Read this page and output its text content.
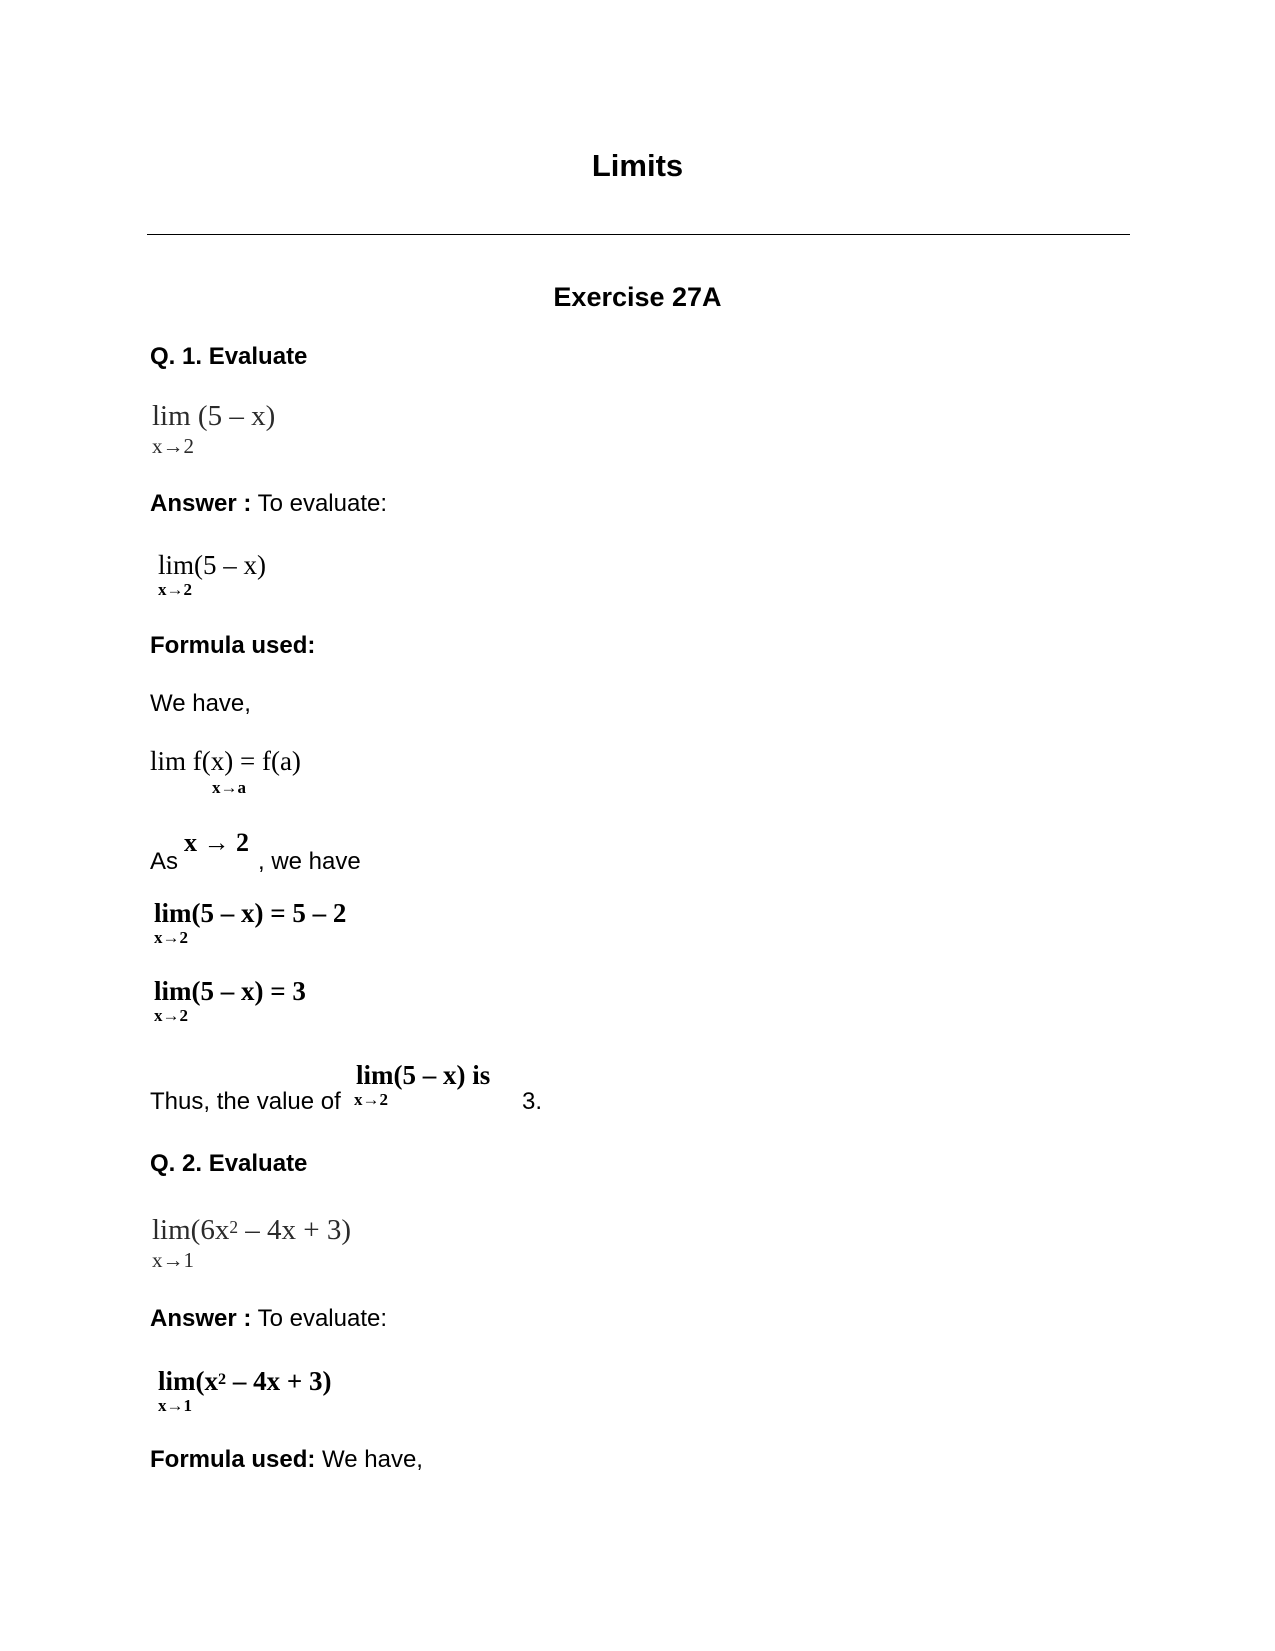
Limits
Exercise 27A
Q. 1. Evaluate
lim (5 – x)
x→2
Answer : To evaluate:
lim(5 – x)
x→2
Formula used:
We have,
lim f(x) = f(a)
x→a
As
x → 2
, we have
lim(5 – x) = 5 – 2
x→2
lim(5 – x) = 3
x→2
Thus, the value of
lim(5 – x) is
x→2	3.
Q. 2. Evaluate
$\lim(6x^2 - 4x + 3)$
x→1
Answer : To evaluate:
$\lim(x^2 - 4x + 3)$
x→1
Formula used: We have,
